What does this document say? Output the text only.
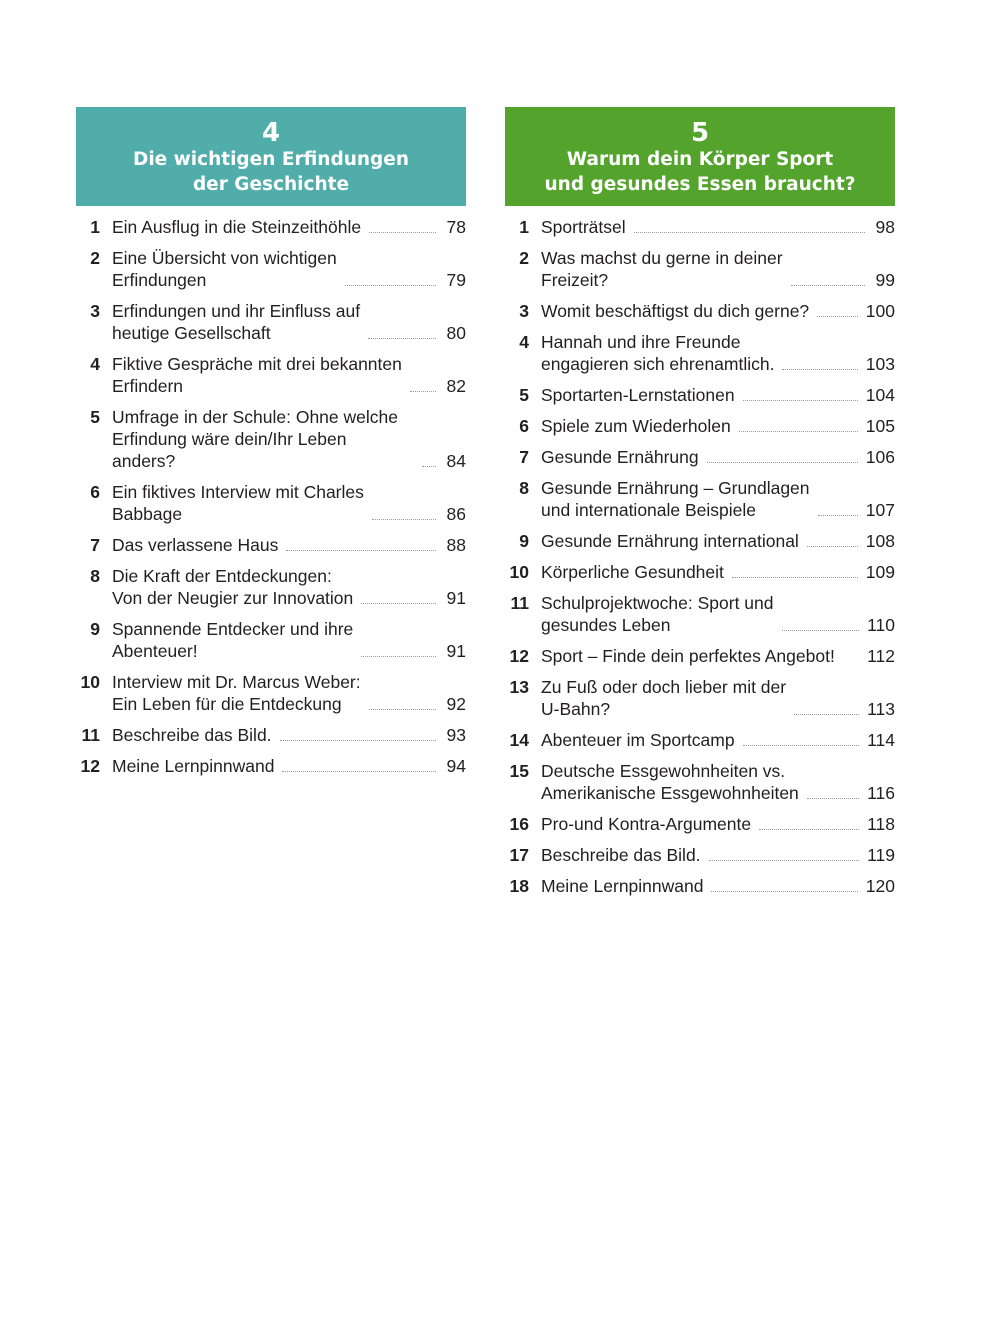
4
Die wichtigen Erfindungen
der Geschichte
1 Ein Ausflug in die Steinzeithöhle	78
2 Eine Übersicht von wichtigen
Erfindungen	79
3 Erfindungen und ihr Einfluss auf
heutige Gesellschaft	80
4 Fiktive Gespräche mit drei bekannten
Erfindern	82
5 Umfrage in der Schule: Ohne welche
Erfindung wäre dein/Ihr Leben anders?	84
6 Ein fiktives Interview mit Charles
Babbage	86
7 Das verlassene Haus	88
8 Die Kraft der Entdeckungen:
Von der Neugier zur Innovation	91
9 Spannende Entdecker und ihre
Abenteuer!	91
10 Interview mit Dr. Marcus Weber:
Ein Leben für die Entdeckung	92
11 Beschreibe das Bild.	93
12 Meine Lernpinnwand	94
5
Warum dein Körper Sport
und gesundes Essen braucht?
1 Sporträtsel	98
2 Was machst du gerne in deiner
Freizeit?	99
3 Womit beschäftigst du dich gerne?	100
4 Hannah und ihre Freunde
engagieren sich ehrenamtlich.	103
5 Sportarten-Lernstationen	104
6 Spiele zum Wiederholen	105
7 Gesunde Ernährung	106
8 Gesunde Ernährung – Grundlagen
und internationale Beispiele	107
9 Gesunde Ernährung international	108
10 Körperliche Gesundheit	109
11 Schulprojektwoche: Sport und
gesundes Leben	110
12 Sport – Finde dein perfektes Angebot! 112
13 Zu Fuß oder doch lieber mit der
U-Bahn?	113
14 Abenteuer im Sportcamp	114
15 Deutsche Essgewohnheiten vs.
Amerikanische Essgewohnheiten	116
16 Pro-und Kontra-Argumente	118
17 Beschreibe das Bild.	119
18 Meine Lernpinnwand	120
